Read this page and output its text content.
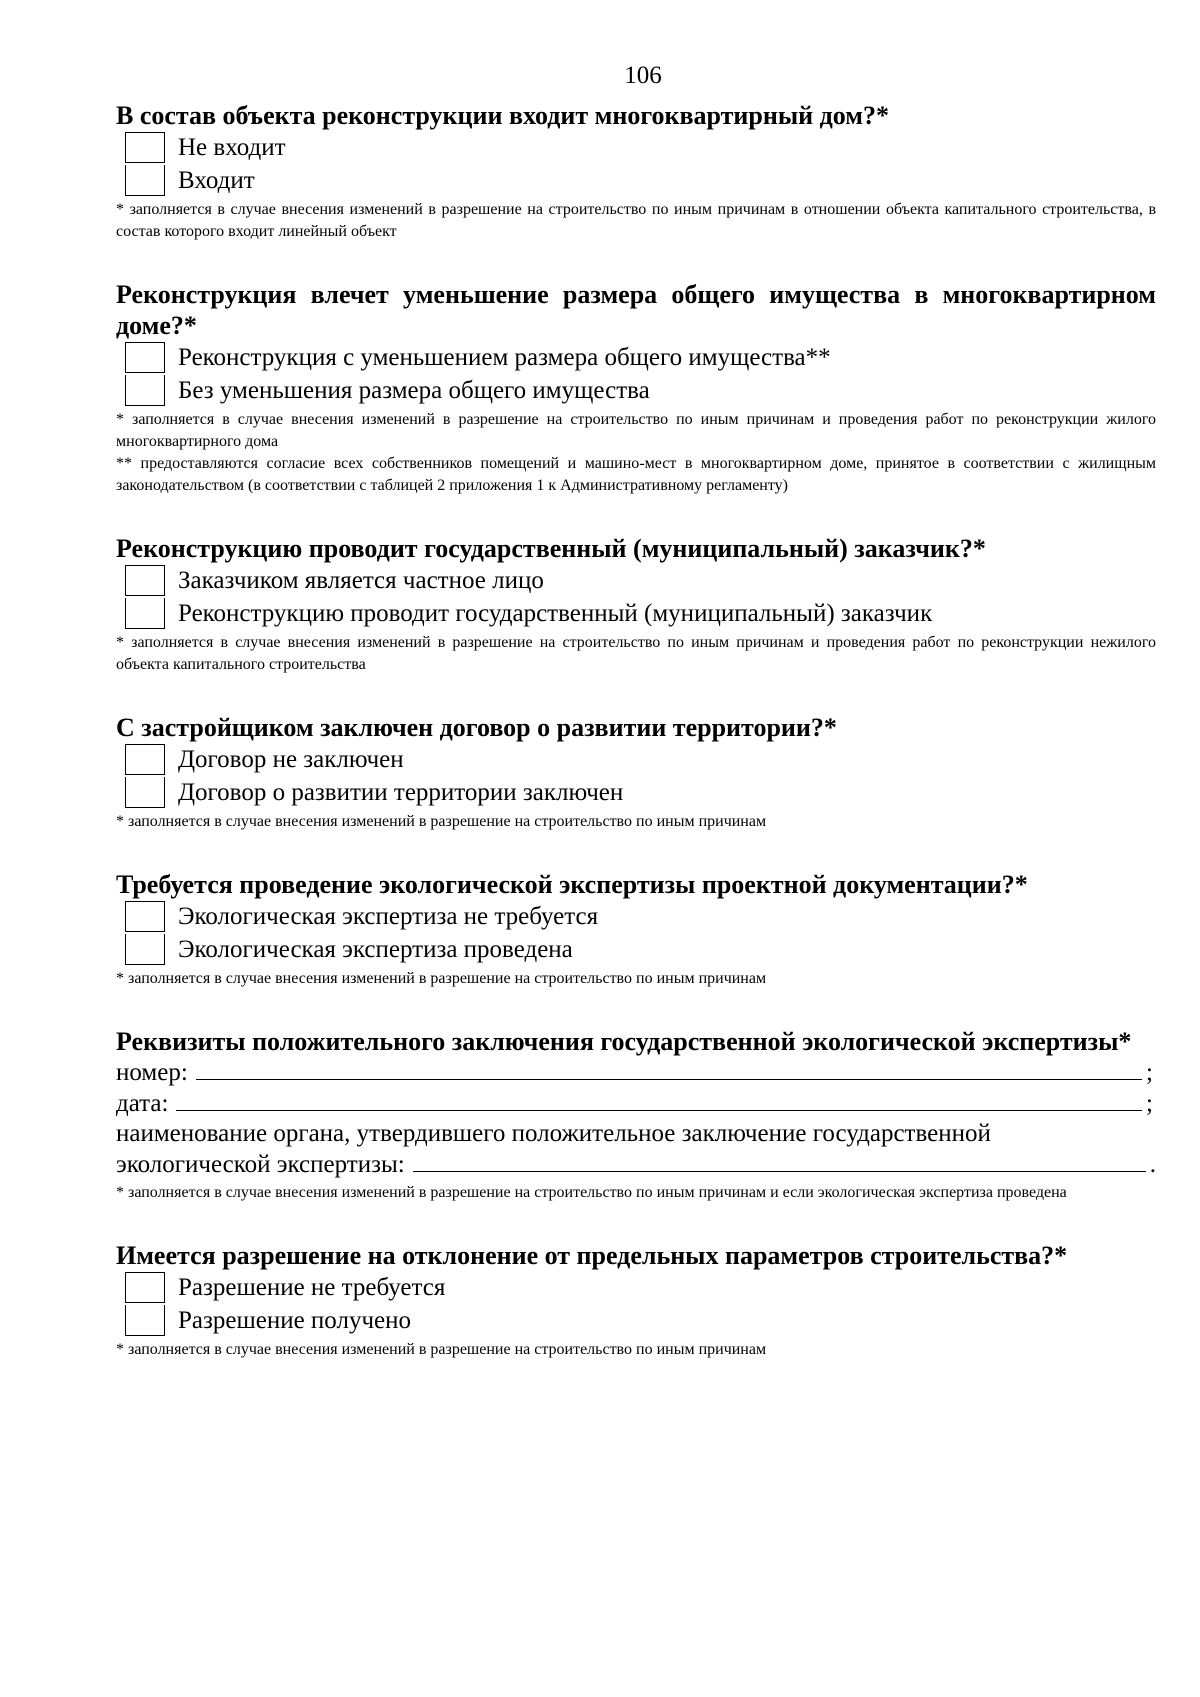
106

В состав объекта реконструкции входит многоквартирный дом?*

Не входит
Входит

* заполняется в случае внесения изменений в разрешение на строительство по иным причинам в отношении объекта капитального строительства, в состав которого входит линейный объект

Реконструкция влечет уменьшение размера общего имущества в многоквартирном доме?*

Реконструкция с уменьшением размера общего имущества**
Без уменьшения размера общего имущества

* заполняется в случае внесения изменений в разрешение на строительство по иным причинам и проведения работ по реконструкции жилого многоквартирного дома

** предоставляются согласие всех собственников помещений и машино-мест в многоквартирном доме, принятое в соответствии с жилищным законодательством (в соответствии с таблицей 2 приложения 1 к Административному регламенту)

Реконструкцию проводит государственный (муниципальный) заказчик?*

Заказчиком является частное лицо
Реконструкцию проводит государственный (муниципальный) заказчик

* заполняется в случае внесения изменений в разрешение на строительство по иным причинам и проведения работ по реконструкции нежилого объекта капитального строительства

С застройщиком заключен договор о развитии территории?*

Договор не заключен
Договор о развитии территории заключен

* заполняется в случае внесения изменений в разрешение на строительство по иным причинам

Требуется проведение экологической экспертизы проектной документации?*

Экологическая экспертиза не требуется
Экологическая экспертиза проведена

* заполняется в случае внесения изменений в разрешение на строительство по иным причинам

Реквизиты положительного заключения государственной экологической экспертизы*

номер:	;
дата:	;

наименование органа, утвердившего положительное заключение государственной

экологической экспертизы:	.

* заполняется в случае внесения изменений в разрешение на строительство по иным причинам и если экологическая экспертиза проведена

Имеется разрешение на отклонение от предельных параметров строительства?*

Разрешение не требуется
Разрешение получено

* заполняется в случае внесения изменений в разрешение на строительство по иным причинам
